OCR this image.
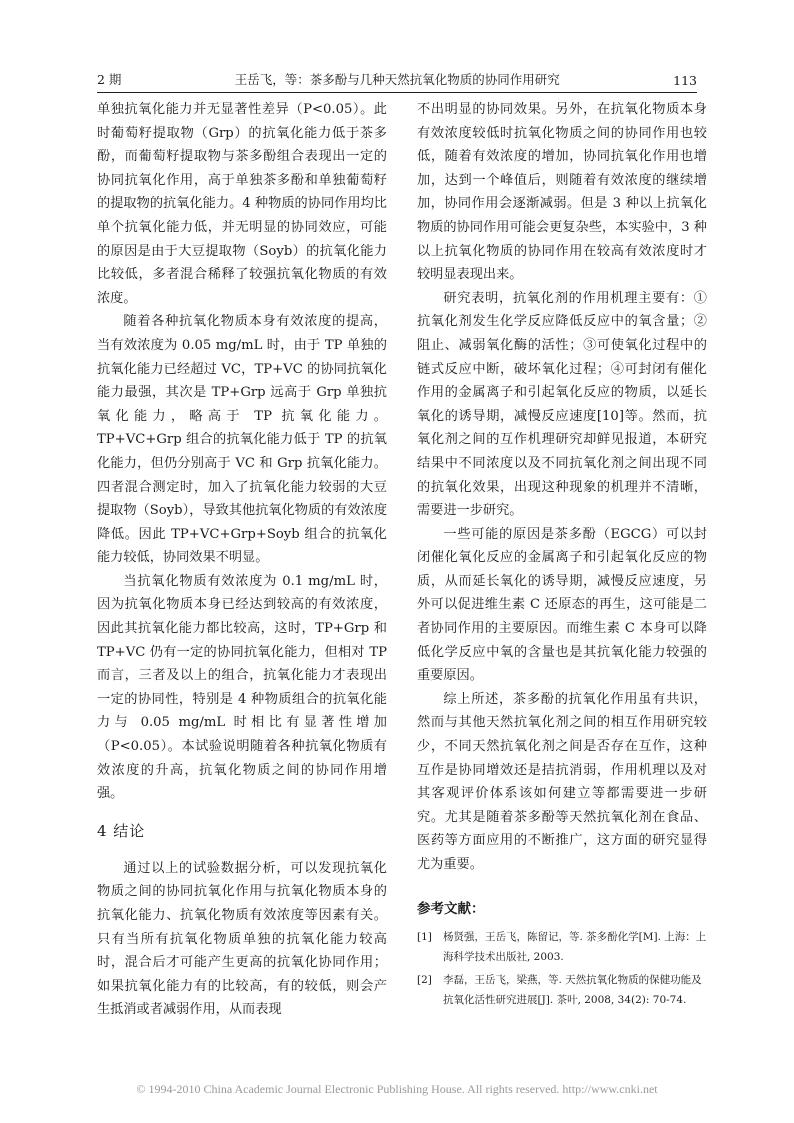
2 期	王岳飞，等：茶多酚与几种天然抗氧化物质的协同作用研究	113

单独抗氧化能力并无显著性差异（P<0.05）。此时葡萄籽提取物（Grp）的抗氧化能力低于茶多酚，而葡萄籽提取物与茶多酚组合表现出一定的协同抗氧化作用，高于单独茶多酚和单独葡萄籽的提取物的抗氧化能力。4 种物质的协同作用均比单个抗氧化能力低，并无明显的协同效应，可能的原因是由于大豆提取物（Soyb）的抗氧化能力比较低，多者混合稀释了较强抗氧化物质的有效浓度。

随着各种抗氧化物质本身有效浓度的提高，当有效浓度为 0.05 mg/mL 时，由于 TP 单独的抗氧化能力已经超过 VC，TP+VC 的协同抗氧化能力最强，其次是 TP+Grp 远高于 Grp 单独抗氧化能力，略高于 TP 抗氧化能力。TP+VC+Grp 组合的抗氧化能力低于 TP 的抗氧化能力，但仍分别高于 VC 和 Grp 抗氧化能力。四者混合测定时，加入了抗氧化能力较弱的大豆提取物（Soyb），导致其他抗氧化物质的有效浓度降低。因此 TP+VC+Grp+Soyb 组合的抗氧化能力较低，协同效果不明显。

当抗氧化物质有效浓度为 0.1 mg/mL 时，因为抗氧化物质本身已经达到较高的有效浓度，因此其抗氧化能力都比较高，这时，TP+Grp 和 TP+VC 仍有一定的协同抗氧化能力，但相对 TP 而言，三者及以上的组合，抗氧化能力才表现出一定的协同性，特别是 4 种物质组合的抗氧化能力与 0.05 mg/mL 时相比有显著性增加（P<0.05）。本试验说明随着各种抗氧化物质有效浓度的升高，抗氧化物质之间的协同作用增强。

4 结论

通过以上的试验数据分析，可以发现抗氧化物质之间的协同抗氧化作用与抗氧化物质本身的抗氧化能力、抗氧化物质有效浓度等因素有关。只有当所有抗氧化物质单独的抗氧化能力较高时，混合后才可能产生更高的抗氧化协同作用；如果抗氧化能力有的比较高，有的较低，则会产生抵消或者减弱作用，从而表现

不出明显的协同效果。另外，在抗氧化物质本身有效浓度较低时抗氧化物质之间的协同作用也较低，随着有效浓度的增加，协同抗氧化作用也增加，达到一个峰值后，则随着有效浓度的继续增加，协同作用会逐渐减弱。但是 3 种以上抗氧化物质的协同作用可能会更复杂些，本实验中，3 种以上抗氧化物质的协同作用在较高有效浓度时才较明显表现出来。

研究表明，抗氧化剂的作用机理主要有：①抗氧化剂发生化学反应降低反应中的氧含量；②阻止、减弱氧化酶的活性；③可使氧化过程中的链式反应中断，破坏氧化过程；④可封闭有催化作用的金属离子和引起氧化反应的物质，以延长氧化的诱导期，减慢反应速度[10]等。然而，抗氧化剂之间的互作机理研究却鲜见报道，本研究结果中不同浓度以及不同抗氧化剂之间出现不同的抗氧化效果，出现这种现象的机理并不清晰，需要进一步研究。

一些可能的原因是茶多酚（EGCG）可以封闭催化氧化反应的金属离子和引起氧化反应的物质，从而延长氧化的诱导期，减慢反应速度，另外可以促进维生素 C 还原态的再生，这可能是二者协同作用的主要原因。而维生素 C 本身可以降低化学反应中氧的含量也是其抗氧化能力较强的重要原因。

综上所述，茶多酚的抗氧化作用虽有共识，然而与其他天然抗氧化剂之间的相互作用研究较少，不同天然抗氧化剂之间是否存在互作，这种互作是协同增效还是拮抗消弱，作用机理以及对其客观评价体系该如何建立等都需要进一步研究。尤其是随着茶多酚等天然抗氧化剂在食品、医药等方面应用的不断推广，这方面的研究显得尤为重要。

参考文献：
[1]	杨贤强，王岳飞，陈留记，等. 茶多酚化学[M]. 上海：上海科学技术出版社, 2003.
[2]	李磊，王岳飞，梁燕，等. 天然抗氧化物质的保健功能及抗氧化活性研究进展[J]. 茶叶, 2008, 34(2): 70-74.
© 1994-2010 China Academic Journal Electronic Publishing House. All rights reserved. http://www.cnki.net
